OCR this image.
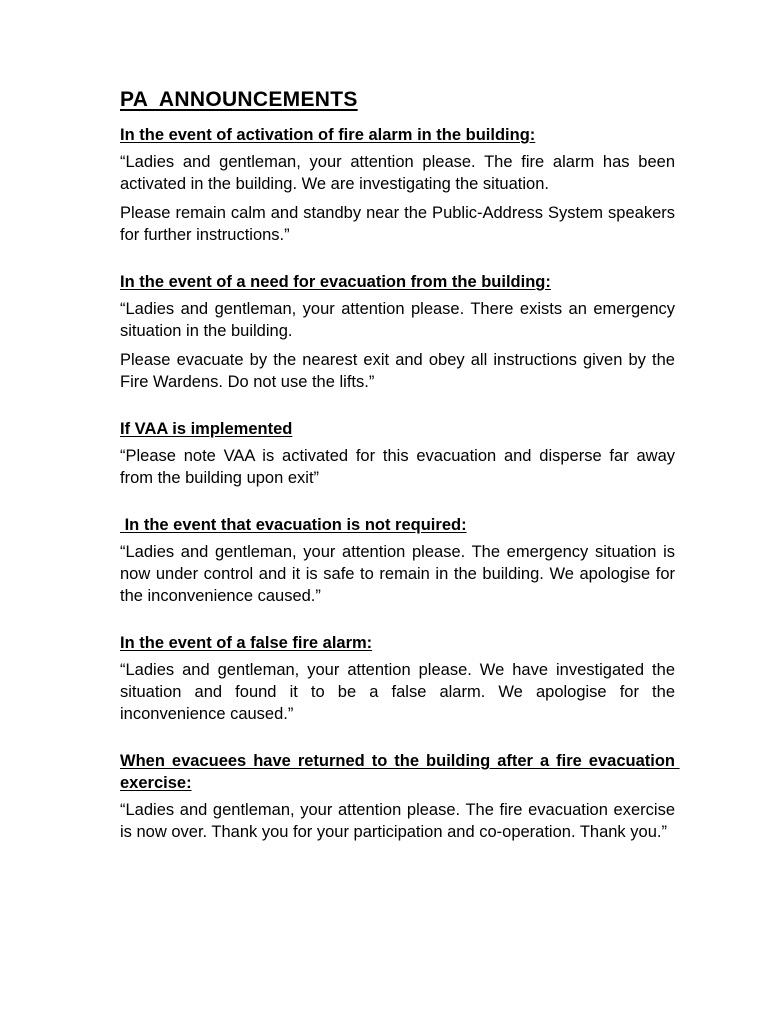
PA  ANNOUNCEMENTS
In the event of activation of fire alarm in the building:
“Ladies and gentleman, your attention please. The fire alarm has been activated in the building. We are investigating the situation.
Please remain calm and standby near the Public-Address System speakers for further instructions.”
In the event of a need for evacuation from the building:
“Ladies and gentleman, your attention please. There exists an emergency situation in the building.
Please evacuate by the nearest exit and obey all instructions given by the Fire Wardens. Do not use the lifts.”
If VAA is implemented
“Please note VAA is activated for this evacuation and disperse far away from the building upon exit”
In the event that evacuation is not required:
“Ladies and gentleman, your attention please. The emergency situation is now under control and it is safe to remain in the building. We apologise for the inconvenience caused.”
In the event of a false fire alarm:
“Ladies and gentleman, your attention please. We have investigated the situation and found it to be a false alarm. We apologise for the inconvenience caused.”
When evacuees have returned to the building after a fire evacuation exercise:
“Ladies and gentleman, your attention please. The fire evacuation exercise is now over. Thank you for your participation and co-operation. Thank you.”
